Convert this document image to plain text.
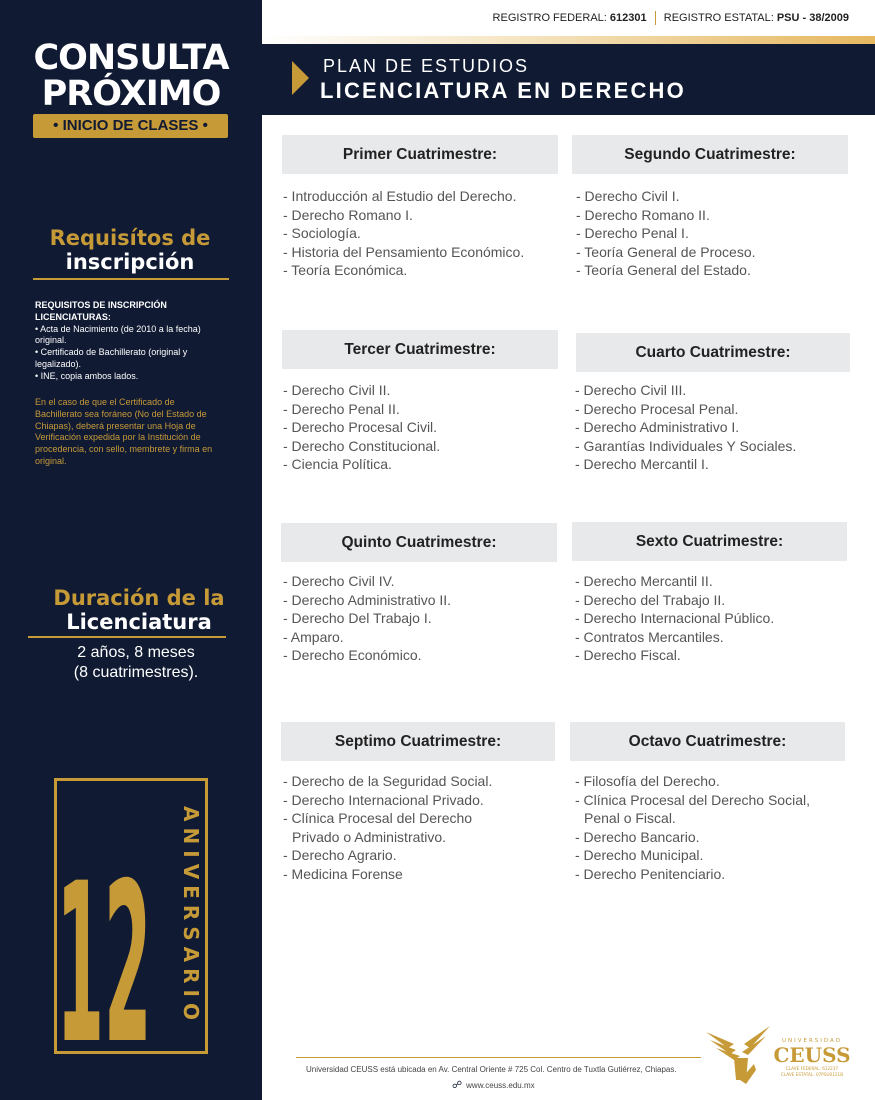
CONSULTA
PRÓXIMO
• INICIO DE CLASES •
Requisítos de
inscripción
REQUISITOS DE INSCRIPCIÓN
LICENCIATURAS:
• Acta de Nacimiento (de 2010 a la fecha) original.
• Certificado de Bachillerato (original y legalizado).
• INE, copia ambos lados.
En el caso de que el Certificado de Bachillerato sea foráneo (No del Estado de Chiapas), deberá presentar una Hoja de Verificación expedida por la Institución de procedencia, con sello, membrete y firma en original.
Duración de la
Licenciatura
2 años, 8 meses
(8 cuatrimestres).
12 ANIVERSARIO
REGISTRO FEDERAL: 612301 REGISTRO ESTATAL: PSU - 38/2009
PLAN DE ESTUDIOS
LICENCIATURA EN DERECHO
Primer Cuatrimestre:
- Introducción al Estudio del Derecho.
- Derecho Romano I.
- Sociología.
- Historia del Pensamiento Económico.
- Teoría Económica.
Segundo Cuatrimestre:
- Derecho Civil I.
- Derecho Romano II.
- Derecho Penal I.
- Teoría General de Proceso.
- Teoría General del Estado.
Tercer Cuatrimestre:
- Derecho Civil II.
- Derecho Penal II.
- Derecho Procesal Civil.
- Derecho Constitucional.
- Ciencia Política.
Cuarto Cuatrimestre:
- Derecho Civil III.
- Derecho Procesal Penal.
- Derecho Administrativo I.
- Garantías Individuales Y Sociales.
- Derecho Mercantil I.
Quinto Cuatrimestre:
- Derecho Civil IV.
- Derecho Administrativo II.
- Derecho Del Trabajo I.
- Amparo.
- Derecho Económico.
Sexto Cuatrimestre:
- Derecho Mercantil II.
- Derecho del Trabajo II.
- Derecho Internacional Público.
- Contratos Mercantiles.
- Derecho Fiscal.
Septimo Cuatrimestre:
- Derecho de la Seguridad Social.
- Derecho Internacional Privado.
- Clínica Procesal del Derecho Privado o Administrativo.
- Derecho Agrario.
- Medicina Forense
Octavo Cuatrimestre:
- Filosofía del Derecho.
- Clínica Procesal del Derecho Social, Penal o Fiscal.
- Derecho Bancario.
- Derecho Municipal.
- Derecho Penitenciario.
Universidad CEUSS está ubicada en Av. Central Oriente # 725 Col. Centro de Tuxtla Gutiérrez, Chiapas.
☍ www.ceuss.edu.mx
UNIVERSIDAD
CEUSS
CLAVE FEDERAL: 612237
CLAVE ESTATAL: 07PSU0121B
